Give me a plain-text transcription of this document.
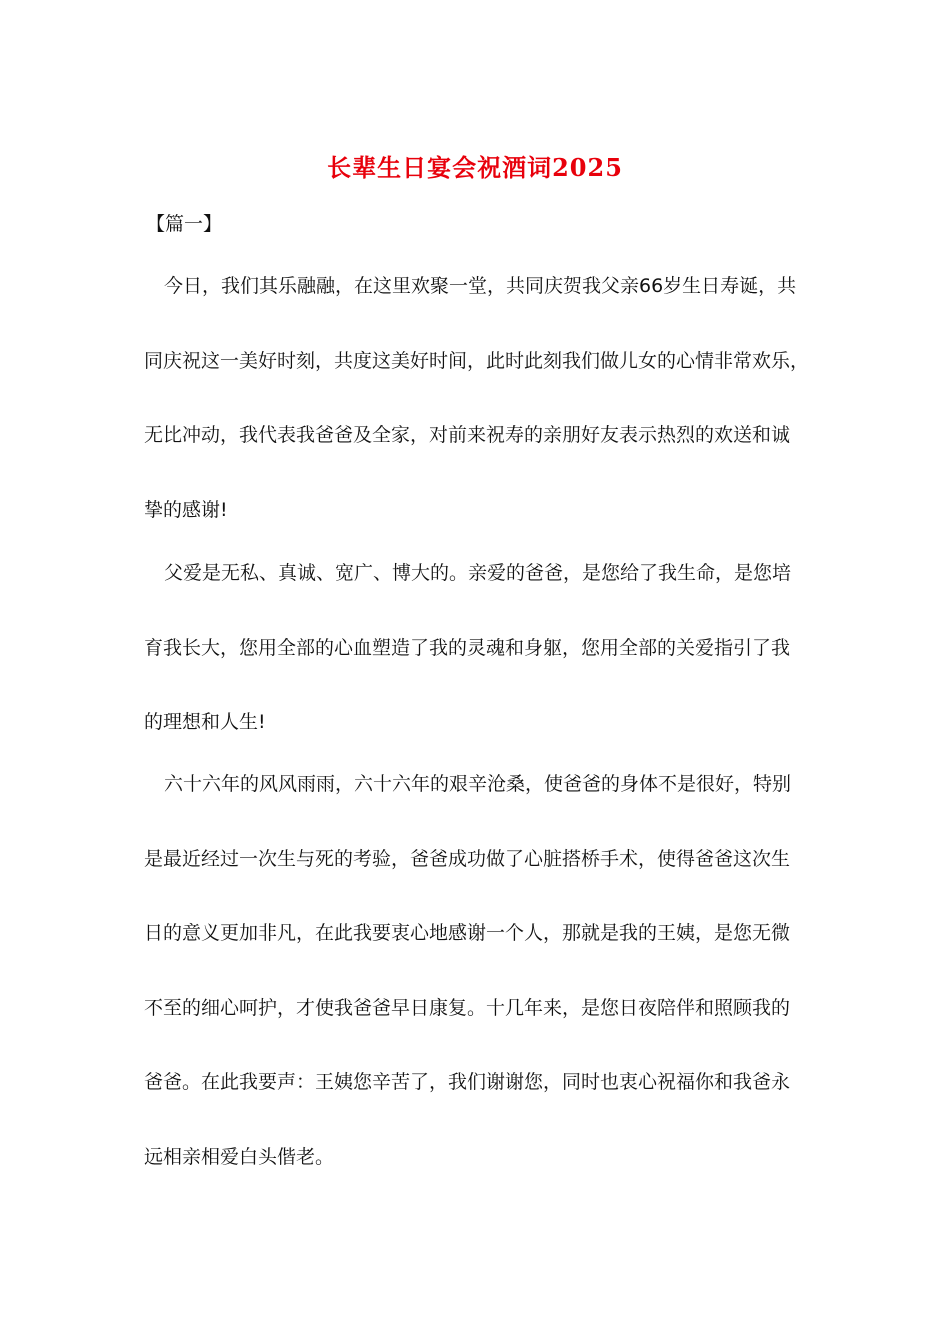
长辈生日宴会祝酒词2025

【篇一】

今日，我们其乐融融，在这里欢聚一堂，共同庆贺我父亲66岁生日寿诞，共
同庆祝这一美好时刻，共度这美好时间，此时此刻我们做儿女的心情非常欢乐，
无比冲动，我代表我爸爸及全家，对前来祝寿的亲朋好友表示热烈的欢送和诚
挚的感谢!

父爱是无私、真诚、宽广、博大的。亲爱的爸爸，是您给了我生命，是您培
育我长大，您用全部的心血塑造了我的灵魂和身躯，您用全部的关爱指引了我
的理想和人生!

六十六年的风风雨雨，六十六年的艰辛沧桑，使爸爸的身体不是很好，特别
是最近经过一次生与死的考验，爸爸成功做了心脏搭桥手术，使得爸爸这次生
日的意义更加非凡，在此我要衷心地感谢一个人，那就是我的王姨，是您无微
不至的细心呵护，才使我爸爸早日康复。十几年来，是您日夜陪伴和照顾我的
爸爸。在此我要声：王姨您辛苦了，我们谢谢您，同时也衷心祝福你和我爸永
远相亲相爱白头偕老。
